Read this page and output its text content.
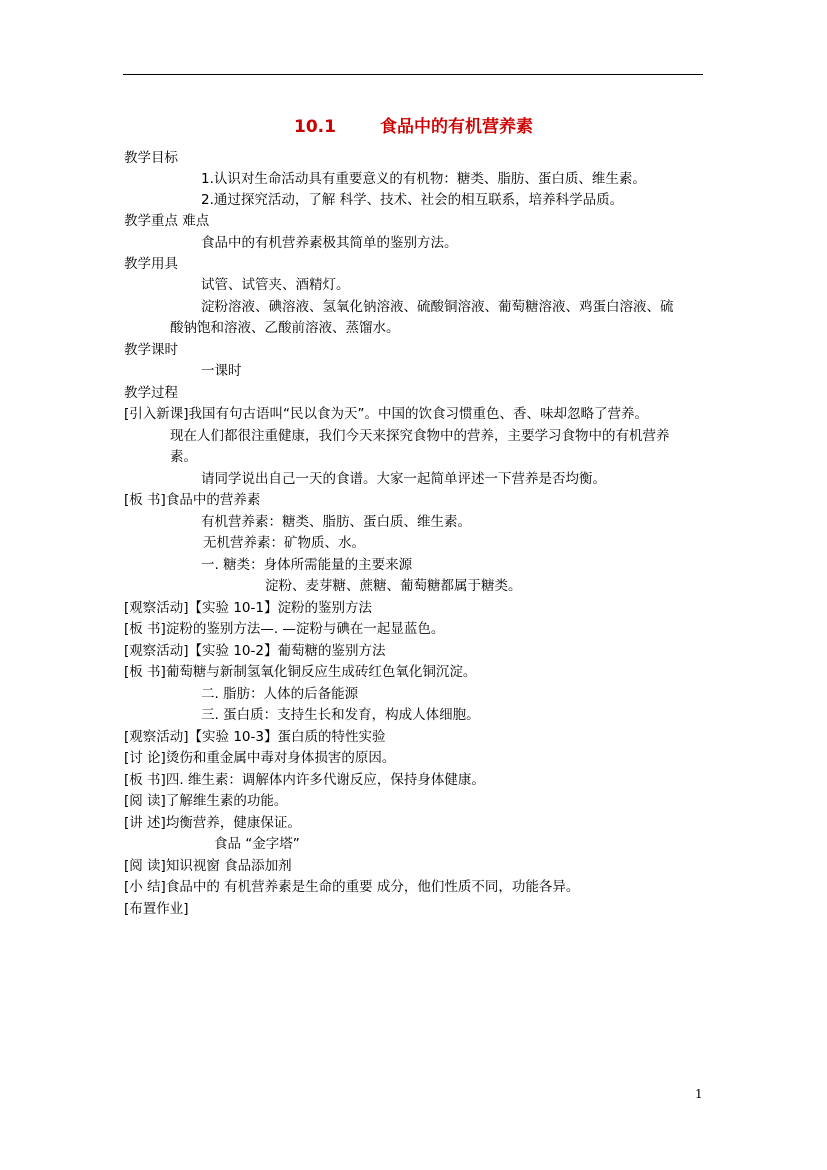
10.1	食品中的有机营养素
教学目标
1.认识对生命活动具有重要意义的有机物：糖类、脂肪、蛋白质、维生素。
2.通过探究活动，了解 科学、技术、社会的相互联系，培养科学品质。
教学重点 难点
食品中的有机营养素极其简单的鉴别方法。
教学用具
试管、试管夹、酒精灯。
淀粉溶液、碘溶液、氢氧化钠溶液、硫酸铜溶液、葡萄糖溶液、鸡蛋白溶液、硫
酸钠饱和溶液、乙酸前溶液、蒸馏水。
教学课时
一课时
教学过程
[引入新课]我国有句古语叫“民以食为天”。中国的饮食习惯重色、香、味却忽略了营养。
现在人们都很注重健康，我们今天来探究食物中的营养，主要学习食物中的有机营养
素。
请同学说出自己一天的食谱。大家一起简单评述一下营养是否均衡。
[板 书]食品中的营养素
有机营养素：糖类、脂肪、蛋白质、维生素。
无机营养素：矿物质、水。
一. 糖类：身体所需能量的主要来源
淀粉、麦芽糖、蔗糖、葡萄糖都属于糖类。
[观察活动]【实验 10-1】淀粉的鉴别方法
[板 书]淀粉的鉴别方法—. —淀粉与碘在一起显蓝色。
[观察活动]【实验 10-2】葡萄糖的鉴别方法
[板 书]葡萄糖与新制氢氧化铜反应生成砖红色氧化铜沉淀。
二. 脂肪：人体的后备能源
三. 蛋白质：支持生长和发育，构成人体细胞。
[观察活动]【实验 10-3】蛋白质的特性实验
[讨 论]烫伤和重金属中毒对身体损害的原因。
[板 书]四. 维生素：调解体内许多代谢反应，保持身体健康。
[阅 读]了解维生素的功能。
[讲 述]均衡营养，健康保证。
食品 “金字塔”
[阅 读]知识视窗 食品添加剂
[小 结]食品中的 有机营养素是生命的重要 成分，他们性质不同，功能各异。
[布置作业]
1
